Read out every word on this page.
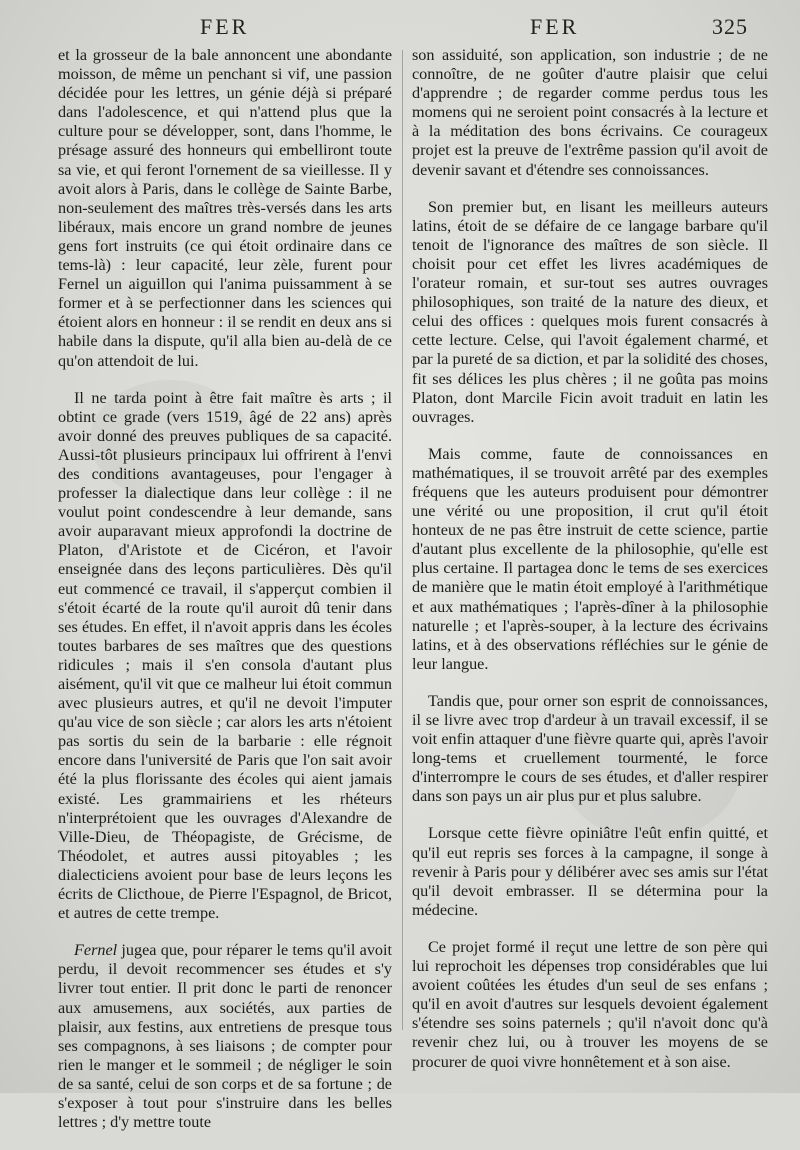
FER	FER	325

et la grosseur de la bale annoncent une abondante moisson, de même un penchant si vif, une passion décidée pour les lettres, un génie déjà si préparé dans l'adolescence, et qui n'attend plus que la culture pour se développer, sont, dans l'homme, le présage assuré des honneurs qui embelliront toute sa vie, et qui feront l'ornement de sa vieillesse. Il y avoit alors à Paris, dans le collège de Sainte Barbe, non-seulement des maîtres très-versés dans les arts libéraux, mais encore un grand nombre de jeunes gens fort instruits (ce qui étoit ordinaire dans ce tems-là) : leur capacité, leur zèle, furent pour Fernel un aiguillon qui l'anima puissamment à se former et à se perfectionner dans les sciences qui étoient alors en honneur : il se rendit en deux ans si habile dans la dispute, qu'il alla bien au-delà de ce qu'on attendoit de lui.

Il ne tarda point à être fait maître ès arts ; il obtint ce grade (vers 1519, âgé de 22 ans) après avoir donné des preuves publiques de sa capacité. Aussi-tôt plusieurs principaux lui offrirent à l'envi des conditions avantageuses, pour l'engager à professer la dialectique dans leur collège : il ne voulut point condescendre à leur demande, sans avoir auparavant mieux approfondi la doctrine de Platon, d'Aristote et de Cicéron, et l'avoir enseignée dans des leçons particulières. Dès qu'il eut commencé ce travail, il s'apperçut combien il s'étoit écarté de la route qu'il auroit dû tenir dans ses études. En effet, il n'avoit appris dans les écoles toutes barbares de ses maîtres que des questions ridicules ; mais il s'en consola d'autant plus aisément, qu'il vit que ce malheur lui étoit commun avec plusieurs autres, et qu'il ne devoit l'imputer qu'au vice de son siècle ; car alors les arts n'étoient pas sortis du sein de la barbarie : elle régnoit encore dans l'université de Paris que l'on sait avoir été la plus florissante des écoles qui aient jamais existé. Les grammairiens et les rhéteurs n'interprétoient que les ouvrages d'Alexandre de Ville-Dieu, de Théopagiste, de Grécisme, de Théodolet, et autres aussi pitoyables ; les dialecticiens avoient pour base de leurs leçons les écrits de Clicthoue, de Pierre l'Espagnol, de Bricot, et autres de cette trempe.

Fernel jugea que, pour réparer le tems qu'il avoit perdu, il devoit recommencer ses études et s'y livrer tout entier. Il prit donc le parti de renoncer aux amusemens, aux sociétés, aux parties de plaisir, aux festins, aux entretiens de presque tous ses compagnons, à ses liaisons ; de compter pour rien le manger et le sommeil ; de négliger le soin de sa santé, celui de son corps et de sa fortune ; de s'exposer à tout pour s'instruire dans les belles lettres ; d'y mettre toute

son assiduité, son application, son industrie ; de ne connoître, de ne goûter d'autre plaisir que celui d'apprendre ; de regarder comme perdus tous les momens qui ne seroient point consacrés à la lecture et à la méditation des bons écrivains. Ce courageux projet est la preuve de l'extrême passion qu'il avoit de devenir savant et d'étendre ses connoissances.

Son premier but, en lisant les meilleurs auteurs latins, étoit de se défaire de ce langage barbare qu'il tenoit de l'ignorance des maîtres de son siècle. Il choisit pour cet effet les livres académiques de l'orateur romain, et sur-tout ses autres ouvrages philosophiques, son traité de la nature des dieux, et celui des offices : quelques mois furent consacrés à cette lecture. Celse, qui l'avoit également charmé, et par la pureté de sa diction, et par la solidité des choses, fit ses délices les plus chères ; il ne goûta pas moins Platon, dont Marcile Ficin avoit traduit en latin les ouvrages.

Mais comme, faute de connoissances en mathématiques, il se trouvoit arrêté par des exemples fréquens que les auteurs produisent pour démontrer une vérité ou une proposition, il crut qu'il étoit honteux de ne pas être instruit de cette science, partie d'autant plus excellente de la philosophie, qu'elle est plus certaine. Il partagea donc le tems de ses exercices de manière que le matin étoit employé à l'arithmétique et aux mathématiques ; l'après-dîner à la philosophie naturelle ; et l'après-souper, à la lecture des écrivains latins, et à des observations réfléchies sur le génie de leur langue.

Tandis que, pour orner son esprit de connoissances, il se livre avec trop d'ardeur à un travail excessif, il se voit enfin attaquer d'une fièvre quarte qui, après l'avoir long-tems et cruellement tourmenté, le force d'interrompre le cours de ses études, et d'aller respirer dans son pays un air plus pur et plus salubre.

Lorsque cette fièvre opiniâtre l'eût enfin quitté, et qu'il eut repris ses forces à la campagne, il songe à revenir à Paris pour y délibérer avec ses amis sur l'état qu'il devoit embrasser. Il se détermina pour la médecine.

Ce projet formé il reçut une lettre de son père qui lui reprochoit les dépenses trop considérables que lui avoient coûtées les études d'un seul de ses enfans ; qu'il en avoit d'autres sur lesquels devoient également s'étendre ses soins paternels ; qu'il n'avoit donc qu'à revenir chez lui, ou à trouver les moyens de se procurer de quoi vivre honnêtement et à son aise.
